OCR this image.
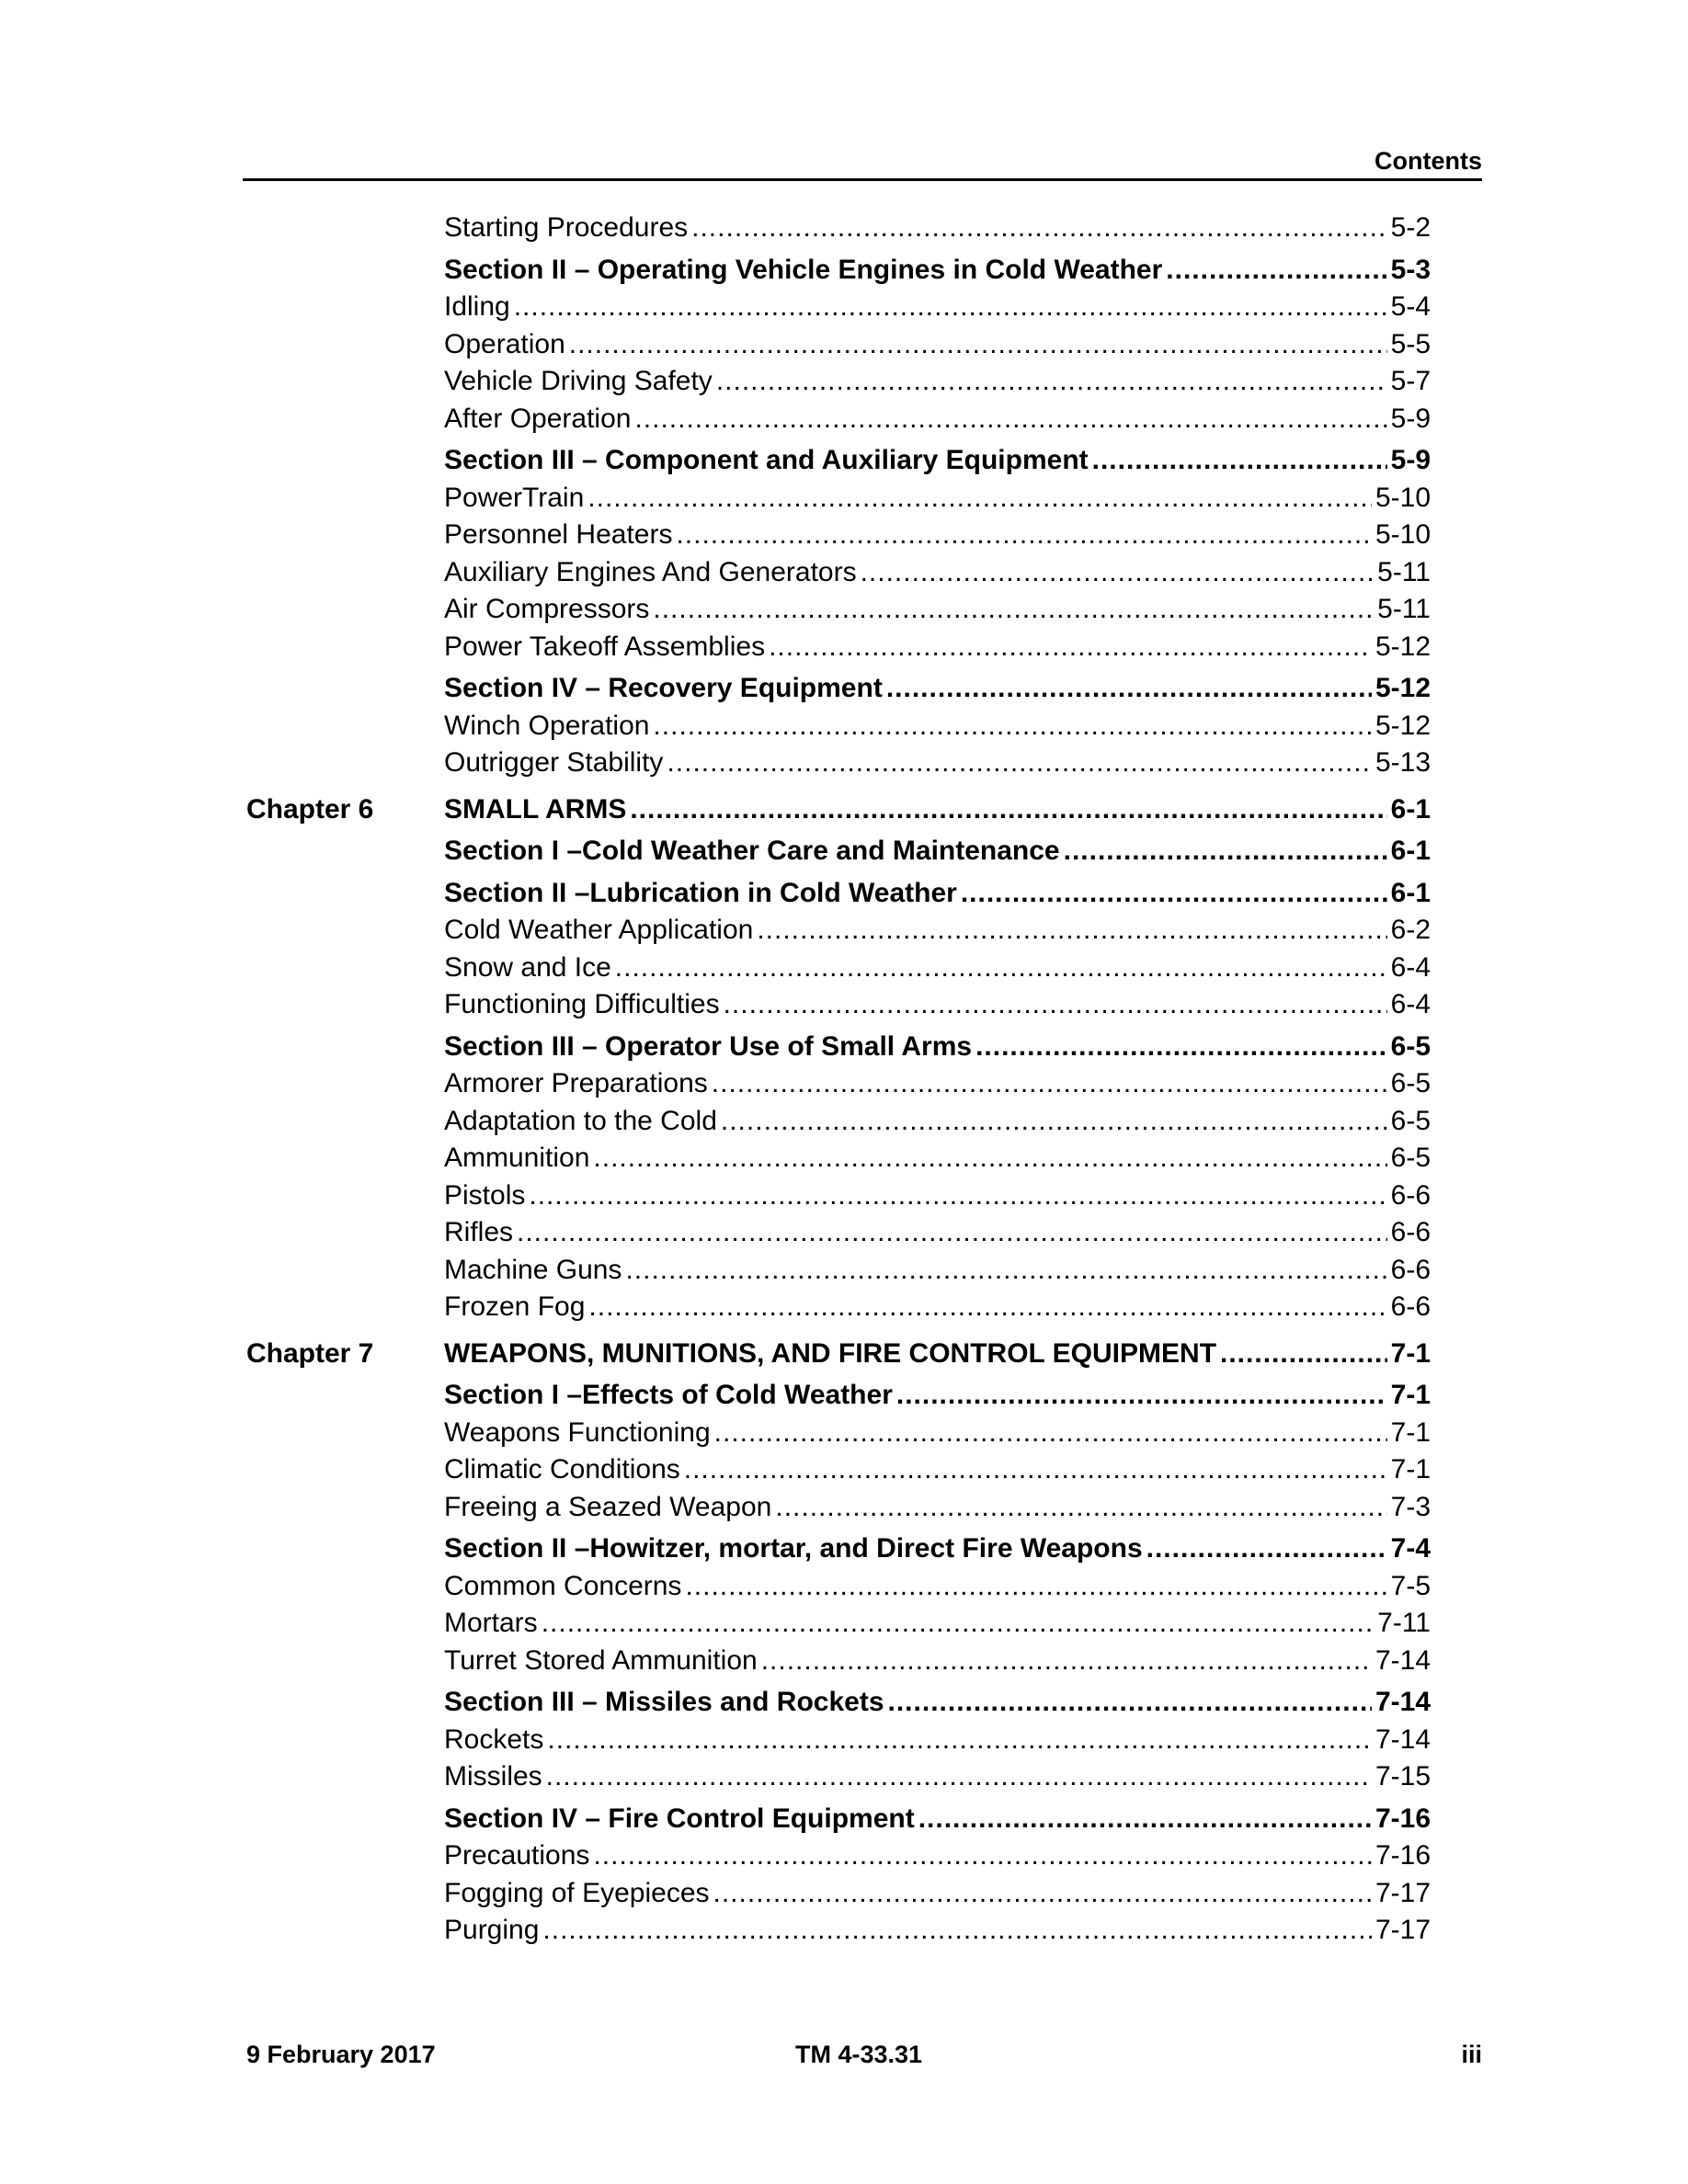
Contents
Starting Procedures .....	5-2
Section II – Operating Vehicle Engines in Cold Weather .....	5-3
Idling .....	5-4
Operation .....	5-5
Vehicle Driving Safety .....	5-7
After Operation .....	5-9
Section III – Component and Auxiliary Equipment .....	5-9
PowerTrain .....	5-10
Personnel Heaters .....	5-10
Auxiliary Engines And Generators .....	5-11
Air Compressors .....	5-11
Power Takeoff Assemblies .....	5-12
Section IV – Recovery Equipment .....	5-12
Winch Operation .....	5-12
Outrigger Stability .....	5-13
Chapter 6	SMALL ARMS .....	6-1
Section I –Cold Weather Care and Maintenance .....	6-1
Section II –Lubrication in Cold Weather .....	6-1
Cold Weather Application .....	6-2
Snow and Ice .....	6-4
Functioning Difficulties .....	6-4
Section III – Operator Use of Small Arms .....	6-5
Armorer Preparations .....	6-5
Adaptation to the Cold .....	6-5
Ammunition .....	6-5
Pistols .....	6-6
Rifles .....	6-6
Machine Guns .....	6-6
Frozen Fog .....	6-6
Chapter 7	WEAPONS, MUNITIONS, AND FIRE CONTROL EQUIPMENT .....	7-1
Section I –Effects of Cold Weather .....	7-1
Weapons Functioning .....	7-1
Climatic Conditions .....	7-1
Freeing a Seazed Weapon .....	7-3
Section II –Howitzer, mortar, and Direct Fire Weapons .....	7-4
Common Concerns .....	7-5
Mortars .....	7-11
Turret Stored Ammunition .....	7-14
Section III – Missiles and Rockets .....	7-14
Rockets .....	7-14
Missiles .....	7-15
Section IV – Fire Control Equipment .....	7-16
Precautions .....	7-16
Fogging of Eyepieces .....	7-17
Purging .....	7-17
9 February 2017	TM 4-33.31	iii
